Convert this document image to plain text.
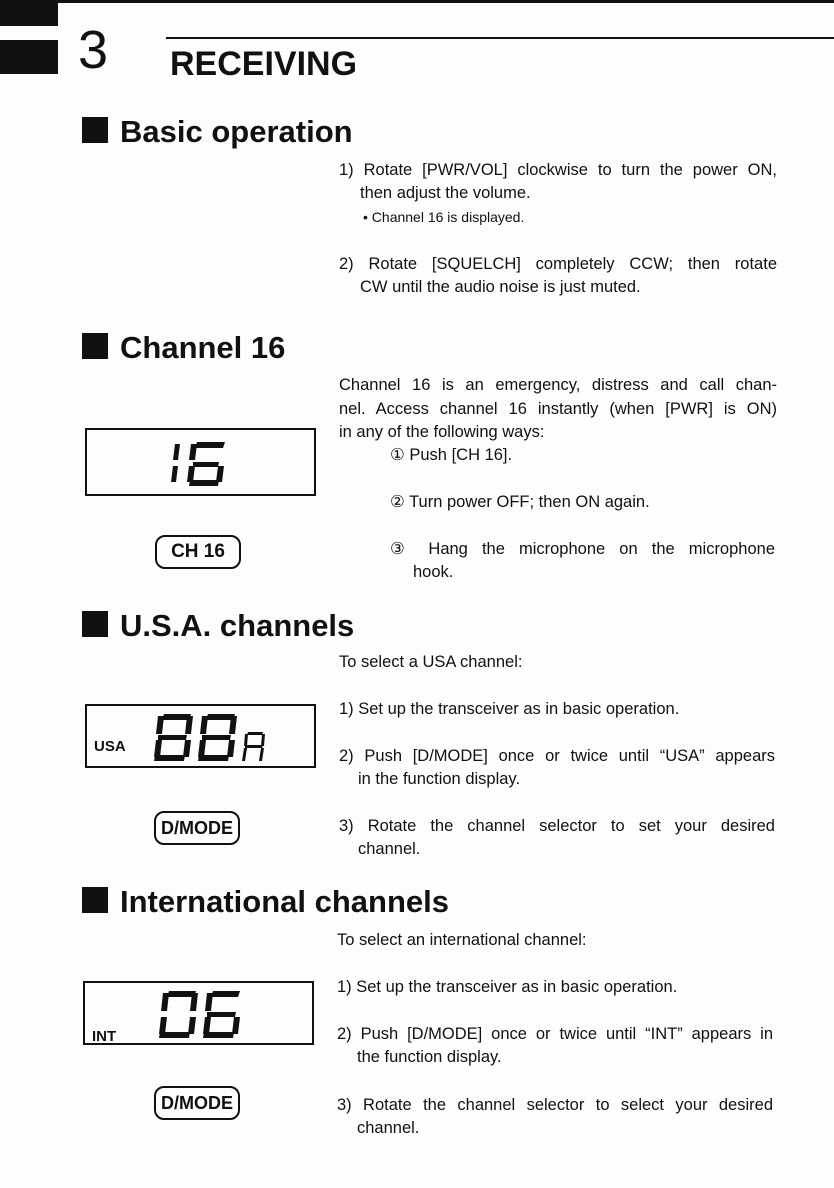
3 RECEIVING
Basic operation
1) Rotate [PWR/VOL] clockwise to turn the power ON,
then adjust the volume.
• Channel 16 is displayed.
2) Rotate [SQUELCH] completely CCW; then rotate
CW until the audio noise is just muted.
Channel 16
Channel 16 is an emergency, distress and call chan-
nel. Access channel 16 instantly (when [PWR] is ON)
in any of the following ways:
① Push [CH 16].
② Turn power OFF; then ON again.
③ Hang the microphone on the microphone
hook.
CH 16
U.S.A. channels
To select a USA channel:
1) Set up the transceiver as in basic operation.
2) Push [D/MODE] once or twice until “USA” appears
in the function display.
3) Rotate the channel selector to set your desired
channel.
USA
D/MODE
International channels
To select an international channel:
1) Set up the transceiver as in basic operation.
2) Push [D/MODE] once or twice until “INT” appears in
the function display.
3) Rotate the channel selector to select your desired
channel.
INT
D/MODE
